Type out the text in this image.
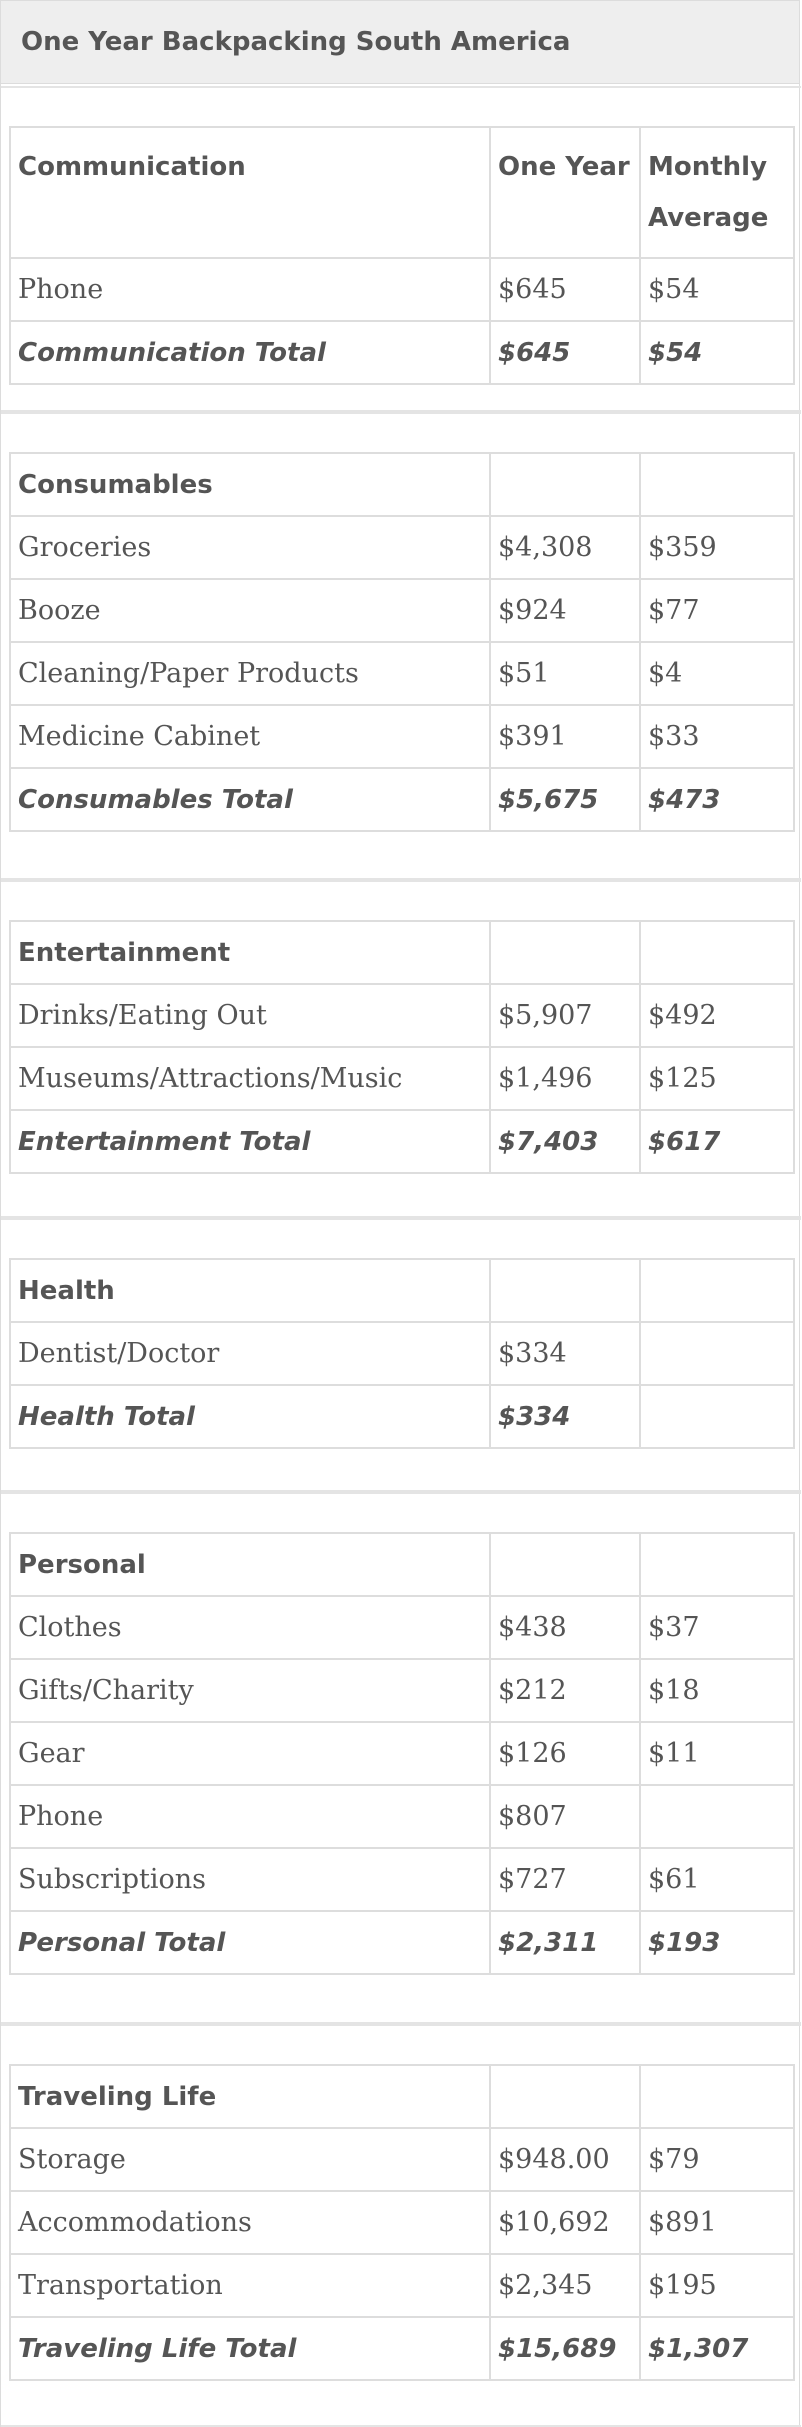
One Year Backpacking South America
Communication	One Year	Monthly
Average

Phone	$645	$54
Communication Total	$645	$54
Consumables		
Groceries	$4,308	$359
Booze	$924	$77
Cleaning/Paper Products	$51	$4
Medicine Cabinet	$391	$33
Consumables Total	$5,675	$473
Entertainment		
Drinks/Eating Out	$5,907	$492
Museums/Attractions/Music	$1,496	$125
Entertainment Total	$7,403	$617
Health		
Dentist/Doctor	$334	
Health Total	$334	
Personal		
Clothes	$438	$37
Gifts/Charity	$212	$18
Gear	$126	$11
Phone	$807	
Subscriptions	$727	$61
Personal Total	$2,311	$193
Traveling Life		
Storage	$948.00	$79
Accommodations	$10,692	$891
Transportation	$2,345	$195
Traveling Life Total	$15,689	$1,307
